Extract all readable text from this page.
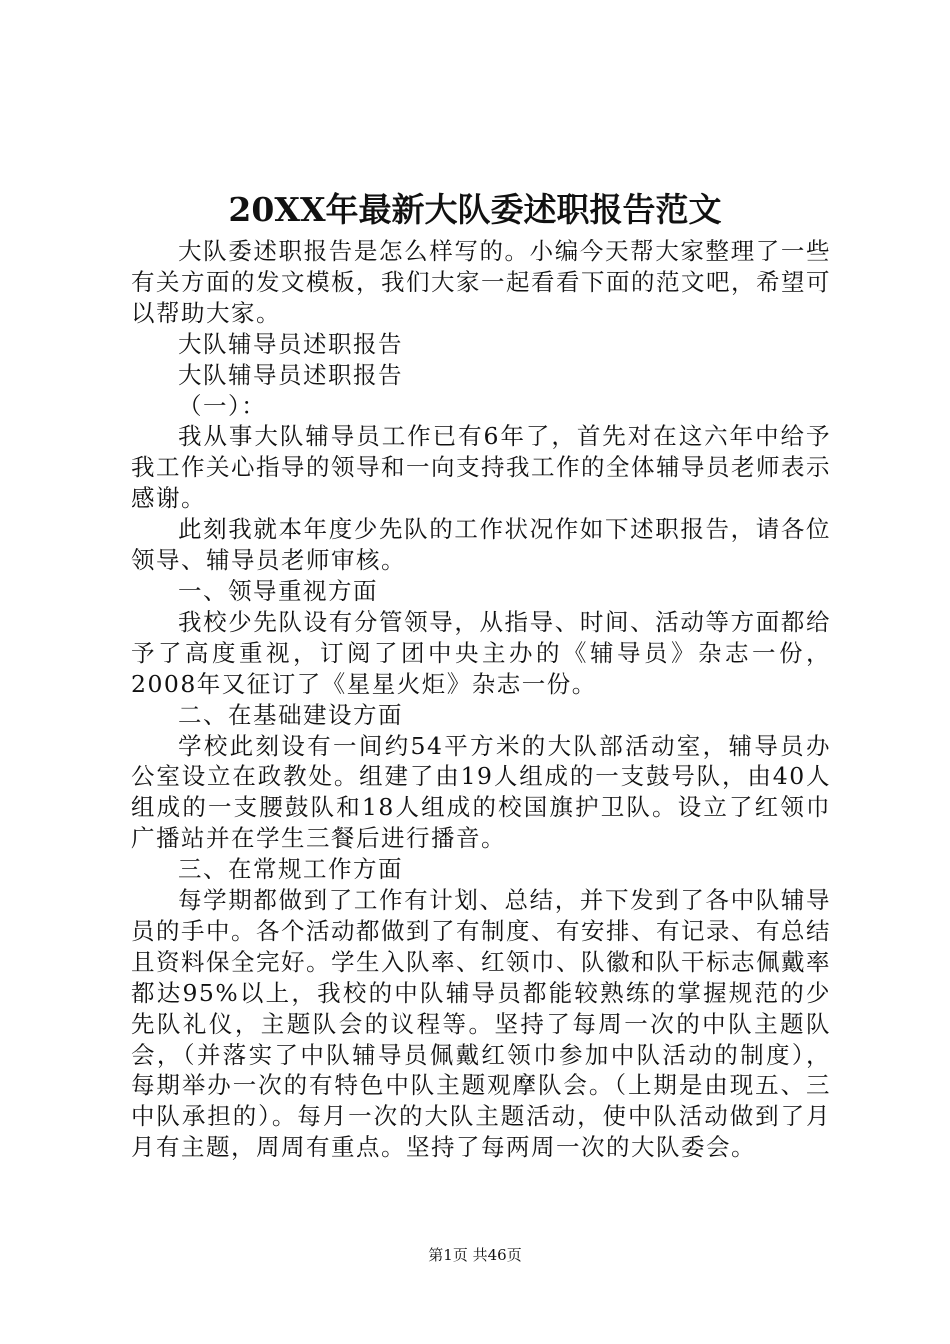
20XX年最新大队委述职报告范文

大队委述职报告是怎么样写的。小编今天帮大家整理了一些有关方面的发文模板，我们大家一起看看下面的范文吧，希望可以帮助大家。

大队辅导员述职报告

大队辅导员述职报告

（一）：

我从事大队辅导员工作已有6年了，首先对在这六年中给予我工作关心指导的领导和一向支持我工作的全体辅导员老师表示感谢。

此刻我就本年度少先队的工作状况作如下述职报告，请各位领导、辅导员老师审核。

一、领导重视方面

我校少先队设有分管领导，从指导、时间、活动等方面都给予了高度重视，订阅了团中央主办的《辅导员》杂志一份，2008年又征订了《星星火炬》杂志一份。

二、在基础建设方面

学校此刻设有一间约54平方米的大队部活动室，辅导员办公室设立在政教处。组建了由19人组成的一支鼓号队，由40人组成的一支腰鼓队和18人组成的校国旗护卫队。设立了红领巾广播站并在学生三餐后进行播音。

三、在常规工作方面

每学期都做到了工作有计划、总结，并下发到了各中队辅导员的手中。各个活动都做到了有制度、有安排、有记录、有总结且资料保全完好。学生入队率、红领巾、队徽和队干标志佩戴率都达95%以上，我校的中队辅导员都能较熟练的掌握规范的少先队礼仪，主题队会的议程等。坚持了每周一次的中队主题队会，（并落实了中队辅导员佩戴红领巾参加中队活动的制度），每期举办一次的有特色中队主题观摩队会。（上期是由现五、三中队承担的）。每月一次的大队主题活动，使中队活动做到了月月有主题，周周有重点。坚持了每两周一次的大队委会。

第1页 共46页
